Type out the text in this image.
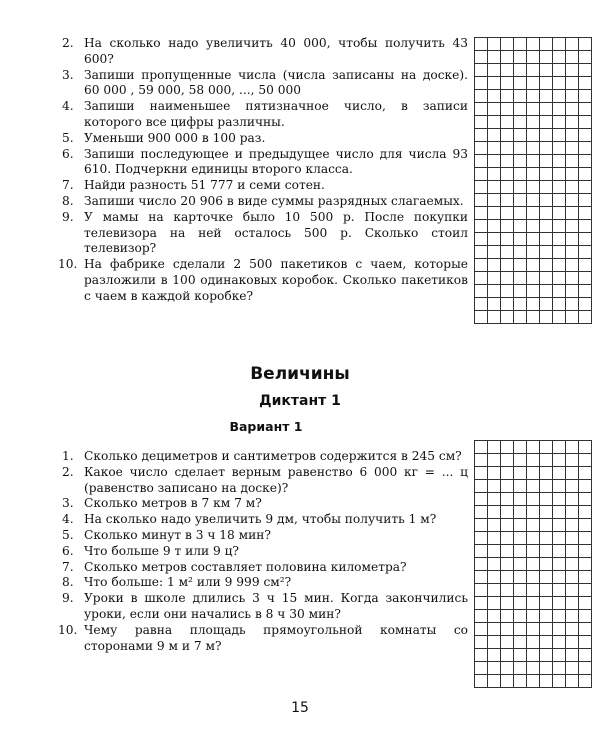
2. На сколько надо увеличить 40 000, чтобы получить 43 600?
3. Запиши пропущенные числа (числа записаны на доске). 60 000 , 59 000, 58 000, ..., 50 000
4. Запиши наименьшее пятизначное число, в записи которого все цифры различны.
5. Уменьши 900 000 в 100 раз.
6. Запиши последующее и предыдущее число для числа 93 610. Подчеркни единицы второго класса.
7. Найди разность 51 777 и семи сотен.
8. Запиши число 20 906 в виде суммы разрядных слагаемых.
9. У мамы на карточке было 10 500 р. После покупки телевизора на ней осталось 500 р. Сколько стоил телевизор?
10. На фабрике сделали 2 500 пакетиков с чаем, которые разложили в 100 одинаковых коробок. Сколько пакетиков с чаем в каждой коробке?
Величины
Диктант 1
Вариант 1
1. Сколько дециметров и сантиметров содержится в 245 см?
2. Какое число сделает верным равенство 6 000 кг = ... ц (равенство записано на доске)?
3. Сколько метров в 7 км 7 м?
4. На сколько надо увеличить 9 дм, чтобы получить 1 м?
5. Сколько минут в 3 ч 18 мин?
6. Что больше 9 т или 9 ц?
7. Сколько метров составляет половина километра?
8. Что больше: 1 м² или 9 999 см²?
9. Уроки в школе длились 3 ч 15 мин. Когда закончились уроки, если они начались в 8 ч 30 мин?
10. Чему равна площадь прямоугольной комнаты со сторонами 9 м и 7 м?
15
